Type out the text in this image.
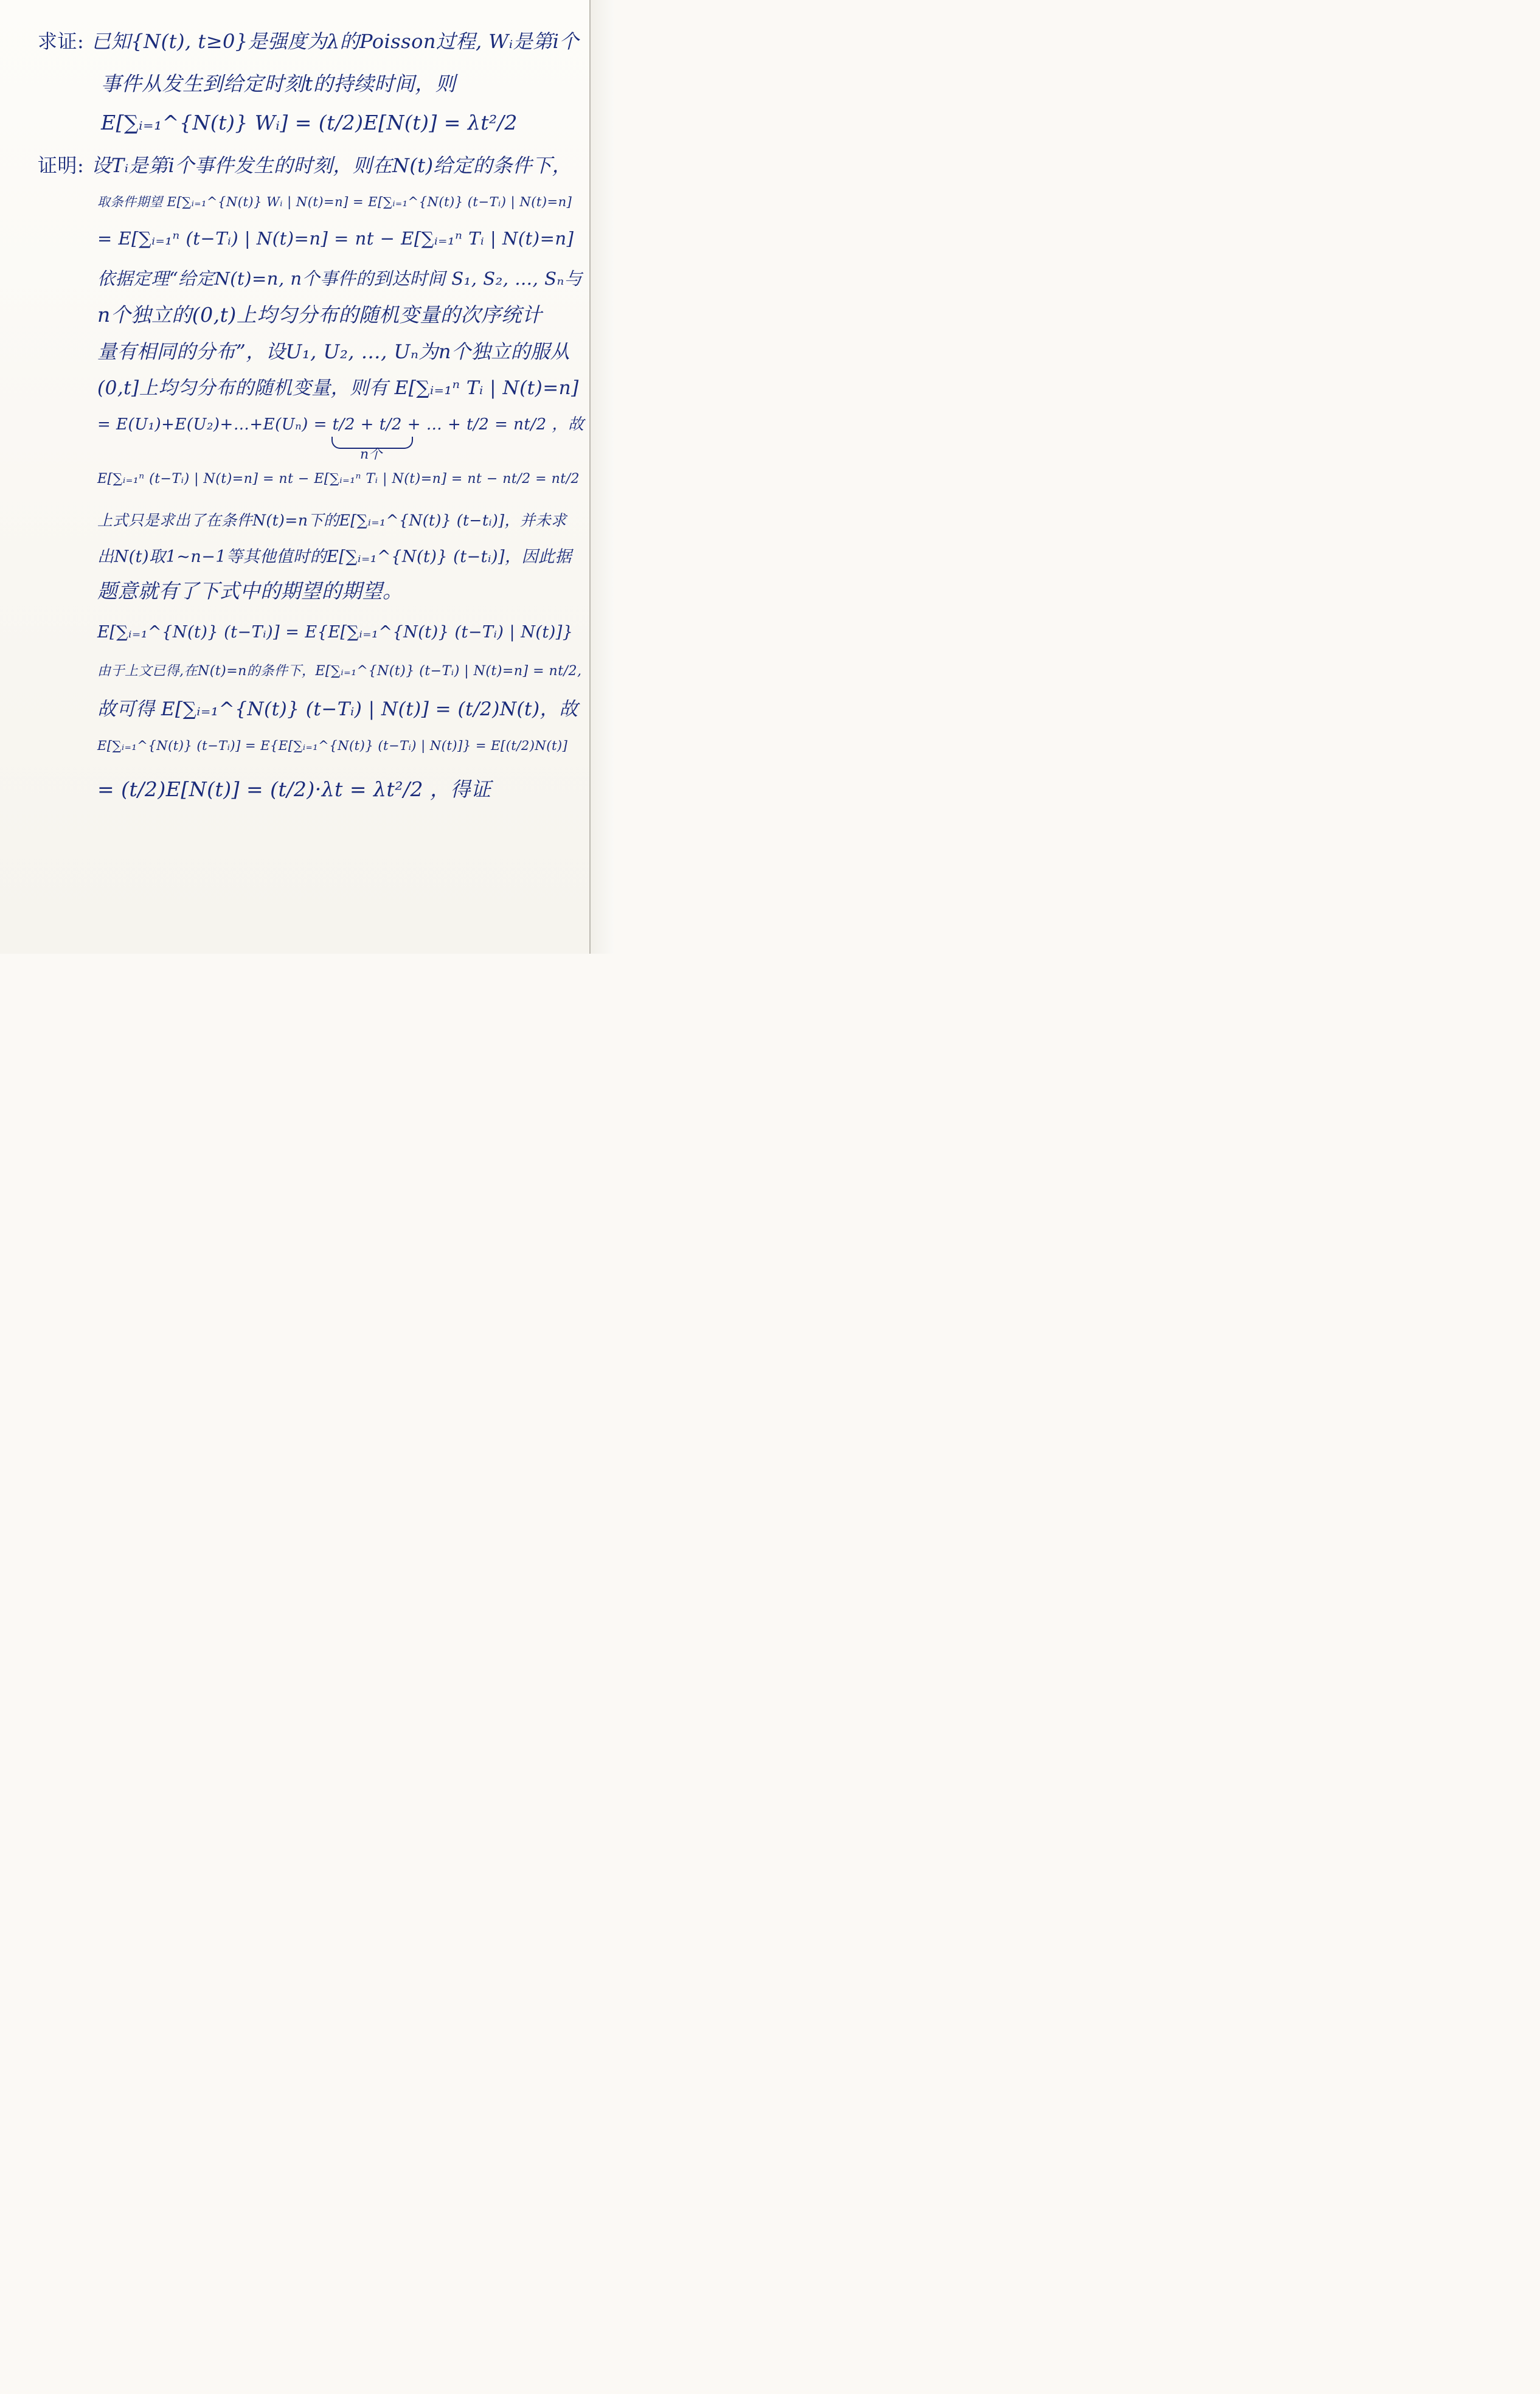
求证: 已知{N(t), t≥0}是强度为λ的Poisson过程, Wᵢ是第i个
事件从发生到给定时刻t的持续时间，则
E[∑ᵢ₌₁^{N(t)} Wᵢ] = (t/2)E[N(t)] = λt²/2
证明: 设Tᵢ是第i个事件发生的时刻，则在N(t)给定的条件下，
取条件期望 E[∑ᵢ₌₁^{N(t)} Wᵢ | N(t)=n] = E[∑ᵢ₌₁^{N(t)} (t−Tᵢ) | N(t)=n]
= E[∑ᵢ₌₁ⁿ (t−Tᵢ) | N(t)=n] = nt − E[∑ᵢ₌₁ⁿ Tᵢ | N(t)=n]
依据定理“给定N(t)=n, n个事件的到达时间 S₁, S₂, …, Sₙ与
n个独立的(0,t)上均匀分布的随机变量的次序统计
量有相同的分布”，设U₁, U₂, …, Uₙ为n个独立的服从
(0,t]上均匀分布的随机变量，则有 E[∑ᵢ₌₁ⁿ Tᵢ | N(t)=n]
= E(U₁)+E(U₂)+…+E(Uₙ) = t/2 + t/2 + … + t/2 = nt/2 ，故
n个
E[∑ᵢ₌₁ⁿ (t−Tᵢ) | N(t)=n] = nt − E[∑ᵢ₌₁ⁿ Tᵢ | N(t)=n] = nt − nt/2 = nt/2
上式只是求出了在条件N(t)=n下的E[∑ᵢ₌₁^{N(t)} (t−tᵢ)]，并未求
出N(t)取1~n−1等其他值时的E[∑ᵢ₌₁^{N(t)} (t−tᵢ)]，因此据
题意就有了下式中的期望的期望。
E[∑ᵢ₌₁^{N(t)} (t−Tᵢ)] = E{E[∑ᵢ₌₁^{N(t)} (t−Tᵢ) | N(t)]}
由于上文已得,在N(t)=n的条件下，E[∑ᵢ₌₁^{N(t)} (t−Tᵢ) | N(t)=n] = nt/2,
故可得 E[∑ᵢ₌₁^{N(t)} (t−Tᵢ) | N(t)] = (t/2)N(t)，故
E[∑ᵢ₌₁^{N(t)} (t−Tᵢ)] = E{E[∑ᵢ₌₁^{N(t)} (t−Tᵢ) | N(t)]} = E[(t/2)N(t)]
= (t/2)E[N(t)] = (t/2)·λt = λt²/2 ，得证
